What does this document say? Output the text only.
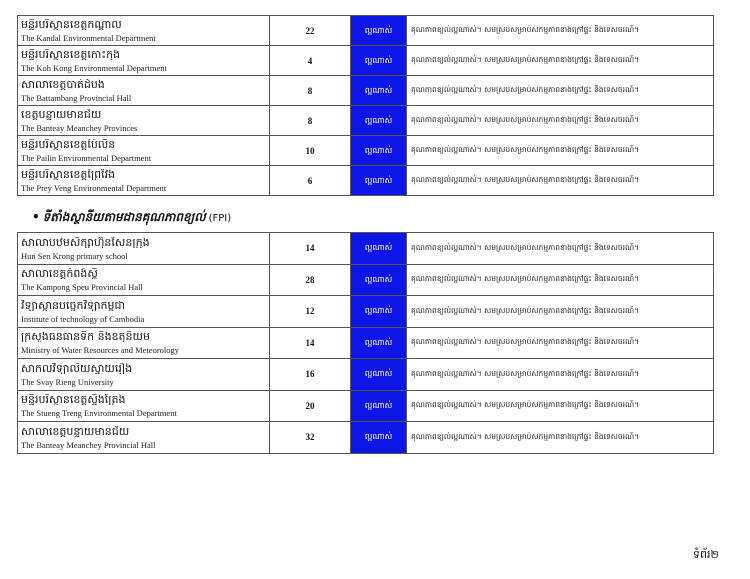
មន្ទីរបរិស្ថានខេត្តកណ្តាល
The Kandal Environmental Department	22	ល្អណាស់	គុណភាពខ្យល់ល្អណាស់។ សមស្របសម្រាប់សកម្មភាពខាងក្រៅផ្ទះ និងទេសចរណ៍។

មន្ទីរបរិស្ថានខេត្តកោះកុង
The Koh Kong Environmental Department	4	ល្អណាស់	គុណភាពខ្យល់ល្អណាស់។ សមស្របសម្រាប់សកម្មភាពខាងក្រៅផ្ទះ និងទេសចរណ៍។

សាលាខេត្តបាត់ដំបង
The Battambang Provincial Hall	8	ល្អណាស់	គុណភាពខ្យល់ល្អណាស់។ សមស្របសម្រាប់សកម្មភាពខាងក្រៅផ្ទះ និងទេសចរណ៍។

ខេត្តបន្ទាយមានជ័យ
The Banteay Meanchey Provinces	8	ល្អណាស់	គុណភាពខ្យល់ល្អណាស់។ សមស្របសម្រាប់សកម្មភាពខាងក្រៅផ្ទះ និងទេសចរណ៍។

មន្ទីរបរិស្ថានខេត្តប៉ៃលិន
The Pailin Environmental Department	10	ល្អណាស់	គុណភាពខ្យល់ល្អណាស់។ សមស្របសម្រាប់សកម្មភាពខាងក្រៅផ្ទះ និងទេសចរណ៍។

មន្ទីរបរិស្ថានខេត្តព្រៃវែង
The Prey Veng Environmental Department	6	ល្អណាស់	គុណភាពខ្យល់ល្អណាស់។ សមស្របសម្រាប់សកម្មភាពខាងក្រៅផ្ទះ និងទេសចរណ៍។
• ទីតាំងស្ថានីយតាមដានគុណភាពខ្យល់ (FPI)
សាលាបឋមសិក្សាហ៊ុនសែនក្រុង
Hun Sen Krong primary school	14	ល្អណាស់	គុណភាពខ្យល់ល្អណាស់។ សមស្របសម្រាប់សកម្មភាពខាងក្រៅផ្ទះ និងទេសចរណ៍។

សាលាខេត្តកំពង់ស្ពឺ
The Kampong Speu Provincial Hall	28	ល្អណាស់	គុណភាពខ្យល់ល្អណាស់។ សមស្របសម្រាប់សកម្មភាពខាងក្រៅផ្ទះ និងទេសចរណ៍។

វិទ្យាស្ថានបច្ចេកវិទ្យាកម្ពុជា
Institute of technology of Cambodia	12	ល្អណាស់	គុណភាពខ្យល់ល្អណាស់។ សមស្របសម្រាប់សកម្មភាពខាងក្រៅផ្ទះ និងទេសចរណ៍។

ក្រសួងធនធានទឹក និងឧតុនិយម
Ministry of Water Resources and Meteorology	14	ល្អណាស់	គុណភាពខ្យល់ល្អណាស់។ សមស្របសម្រាប់សកម្មភាពខាងក្រៅផ្ទះ និងទេសចរណ៍។

សាកលវិទ្យាល័យស្វាយរៀង
The Svay Rieng University	16	ល្អណាស់	គុណភាពខ្យល់ល្អណាស់។ សមស្របសម្រាប់សកម្មភាពខាងក្រៅផ្ទះ និងទេសចរណ៍។

មន្ទីរបរិស្ថានខេត្តស្ទឹងត្រែង
The Stueng Treng Environmental Department	20	ល្អណាស់	គុណភាពខ្យល់ល្អណាស់។ សមស្របសម្រាប់សកម្មភាពខាងក្រៅផ្ទះ និងទេសចរណ៍។

សាលាខេត្តបន្ទាយមានជ័យ
The Banteay Meanchey Provincial Hall	32	ល្អណាស់	គុណភាពខ្យល់ល្អណាស់។ សមស្របសម្រាប់សកម្មភាពខាងក្រៅផ្ទះ និងទេសចរណ៍។
ទំព័រ២
